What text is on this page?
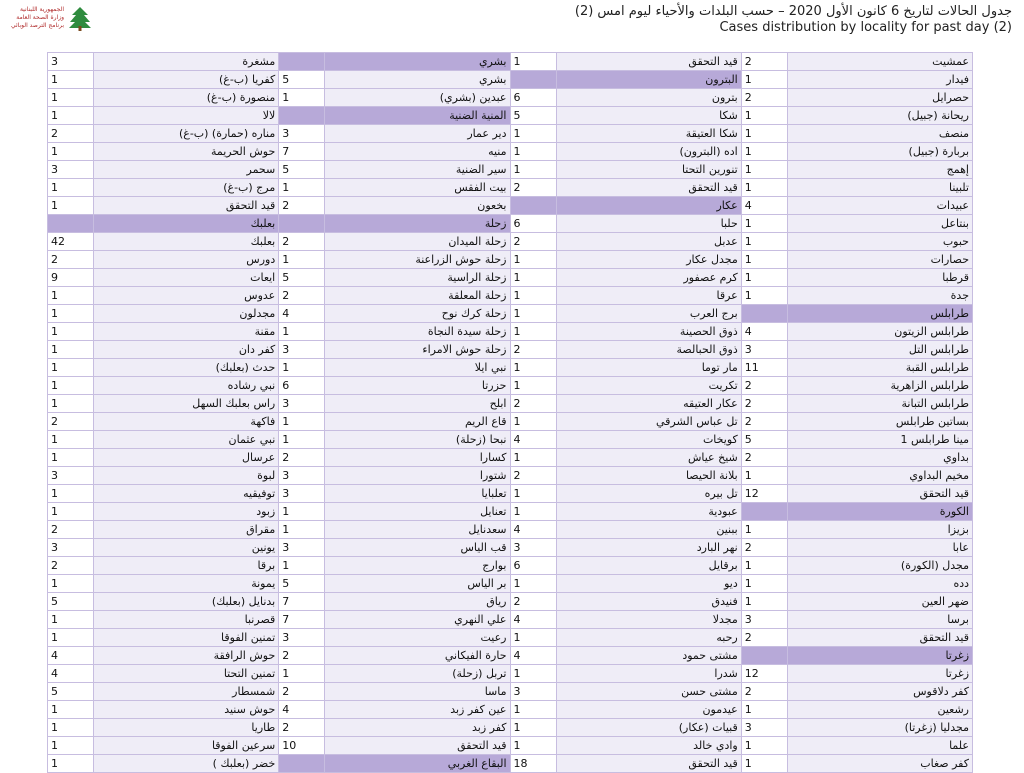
الجمهورية اللبنانية
وزارة الصحة العامة
برنامج الترصد الوبائي
جدول الحالات لتاريخ 6 كانون الأول 2020 – حسب البلدات والأحياء ليوم امس (2)
Cases distribution by locality for past day (2)
3	مشغرة		بشري	1	قيد التحقق	2	عمشيت
1	كفريا (ب-غ)	5	بشري		البترون	1	فيدار
1	منصورة (ب-غ)	1	عبدين (بشري)	6	بترون	2	حصرايل
1	لالا		المنية الضنية	5	شكا	1	ريحانة (جبيل)
2	مناره (حمارة) (ب-غ)	3	دير عمار	1	شكا العتيقة	1	منصف
1	حوش الحريمة	7	منيه	1	اده (البترون)	1	بربارة (جبيل)
3	سحمر	5	سير الضنية	1	تنورين التحتا	1	إهمج
1	مرج (ب-غ)	1	بيت الفقس	2	قيد التحقق	1	تلبينا
1	قيد التحقق	2	بخعون		عكار	4	عبيدات
	بعلبك		زحلة	6	حلبا	1	بنتاعل
42	بعلبك	2	زحلة الميدان	2	عدبل	1	حبوب
2	دورس	1	زحلة حوش الزراعنة	1	مجدل عكار	1	حصارات
9	ايعات	5	زحلة الراسية	1	كرم عصفور	1	قرطبا
1	عدوس	2	زحلة المعلقة	1	عرقا	1	جدة
1	مجدلون	4	زحلة كرك نوح	1	برج العرب		طرابلس
1	مقنة	1	زحلة سيدة النجاة	1	ذوق الحصينة	4	طرابلس الزيتون
1	كفر دان	3	زحلة حوش الامراء	2	ذوق الحبالصة	3	طرابلس التل
1	حدث (بعلبك)	1	نبي ايلا	1	مار توما	11	طرابلس القبة
1	نبي رشاده	6	حزرتا	1	تكريت	2	طرابلس الزاهرية
1	راس بعلبك السهل	3	ابلح	2	عكار العتيقه	2	طرابلس التبانة
2	فاكهة	1	قاع الريم	1	تل عباس الشرقي	2	بساتين طرابلس
1	نبي عثمان	1	نبحا (زحلة)	4	كويخات	5	مينا طرابلس 1
1	عرسال	2	كسارا	1	شيخ عياش	2	بداوي
3	لبوة	3	شتورا	2	بلانة الحيصا	1	مخيم البداوي
1	توفيقيه	3	تعلبايا	1	تل بيره	12	قيد التحقق
1	زبود	1	تعنايل	1	عبودية		الكورة
2	مقراق	1	سعدنايل	4	ببنين	1	بزيزا
3	يونين	3	قب الياس	3	نهر البارد	2	عابا
2	برقا	1	بوارج	6	برقايل	1	مجدل (الكورة)
1	يمونة	5	بر الياس	1	ديو	1	دده
5	بدنايل (بعلبك)	7	رياق	2	فنيدق	1	ضهر العين
1	قصرنبا	7	علي النهري	4	مجدلا	3	برسا
1	تمنين الفوقا	3	رعيت	1	رحبه	2	قيد التحقق
4	حوش الرافقة	2	حارة الفيكاني	4	مشتى حمود		زغرتا
4	تمنين التحتا	1	تربل (زحلة)	1	شدرا	12	زغرتا
5	شمسطار	2	ماسا	3	مشتى حسن	2	كفر دلاقوس
1	حوش سنيد	4	عين كفر زبد	1	عيدمون	1	رشعين
1	طاريا	2	كفر زبد	1	قبيات (عكار)	3	مجدليا (زغرتا)
1	سرعين الفوقا	10	قيد التحقق	1	وادي خالد	1	علما
1	خضر (بعلبك )		البقاع الغربي	18	قيد التحقق	1	كفر صغاب
